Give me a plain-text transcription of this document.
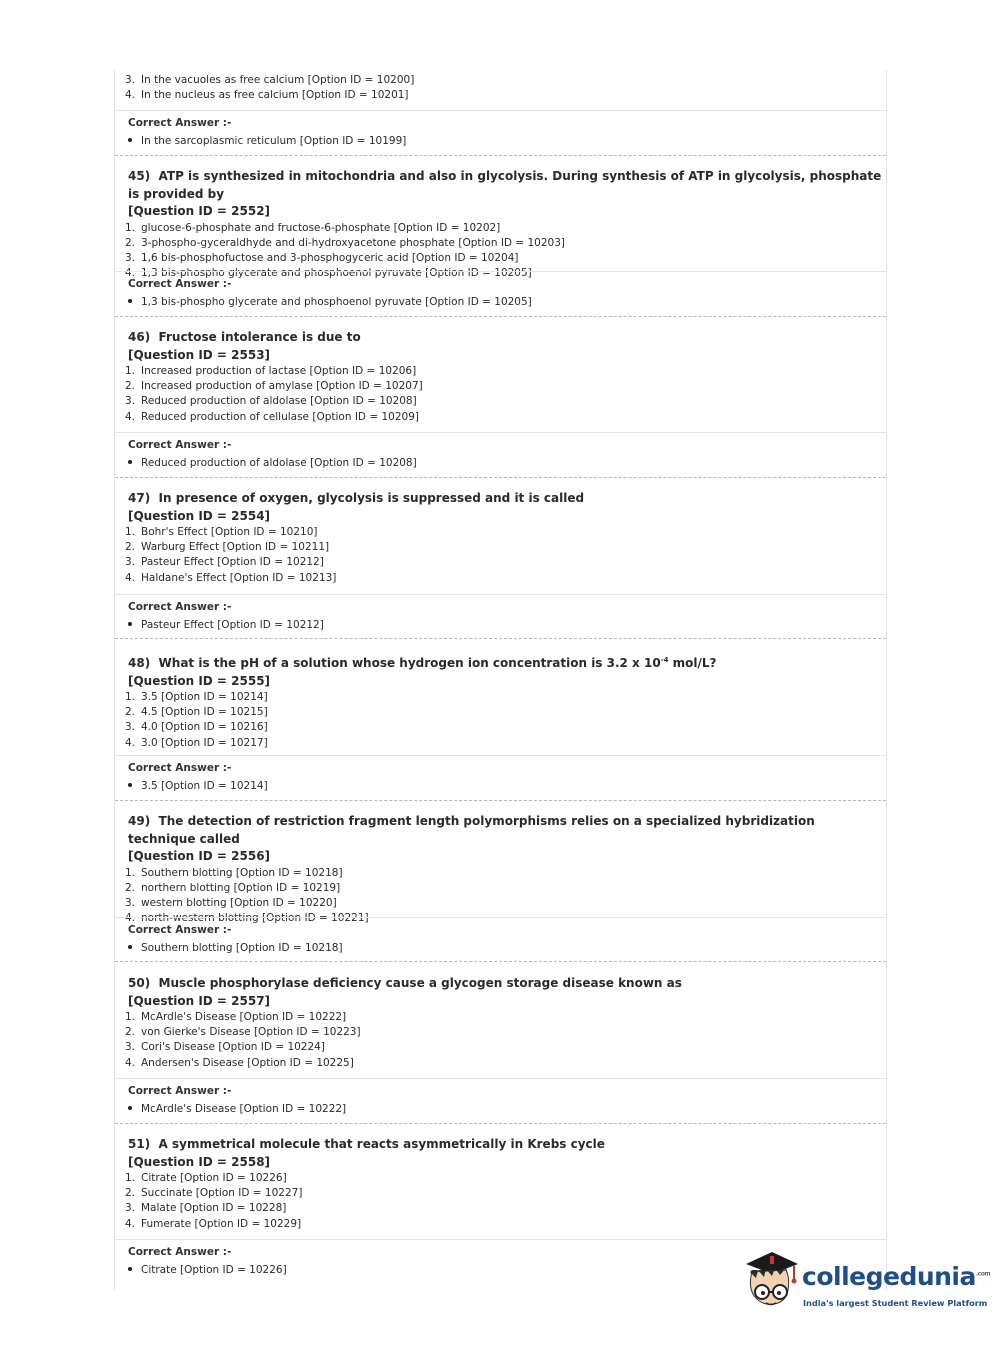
3. In the vacuoles as free calcium [Option ID = 10200]
4. In the nucleus as free calcium [Option ID = 10201]
Correct Answer :-
In the sarcoplasmic reticulum [Option ID = 10199]
45) ATP is synthesized in mitochondria and also in glycolysis. During synthesis of ATP in glycolysis, phosphate is provided by
[Question ID = 2552]
1. glucose-6-phosphate and fructose-6-phosphate [Option ID = 10202]
2. 3-phospho-gyceraldhyde and di-hydroxyacetone phosphate [Option ID = 10203]
3. 1,6 bis-phosphofuctose and 3-phosphogyceric acid [Option ID = 10204]
4. 1,3 bis-phospho glycerate and phosphoenol pyruvate [Option ID = 10205]
Correct Answer :-
1,3 bis-phospho glycerate and phosphoenol pyruvate [Option ID = 10205]
46) Fructose intolerance is due to
[Question ID = 2553]
1. Increased production of lactase [Option ID = 10206]
2. Increased production of amylase [Option ID = 10207]
3. Reduced production of aldolase [Option ID = 10208]
4. Reduced production of cellulase [Option ID = 10209]
Correct Answer :-
Reduced production of aldolase [Option ID = 10208]
47) In presence of oxygen, glycolysis is suppressed and it is called
[Question ID = 2554]
1. Bohr's Effect [Option ID = 10210]
2. Warburg Effect [Option ID = 10211]
3. Pasteur Effect [Option ID = 10212]
4. Haldane's Effect [Option ID = 10213]
Correct Answer :-
Pasteur Effect [Option ID = 10212]
48) What is the pH of a solution whose hydrogen ion concentration is 3.2 x $10^{-4}$ mol/L?
[Question ID = 2555]
1. 3.5 [Option ID = 10214]
2. 4.5 [Option ID = 10215]
3. 4.0 [Option ID = 10216]
4. 3.0 [Option ID = 10217]
Correct Answer :-
3.5 [Option ID = 10214]
49) The detection of restriction fragment length polymorphisms relies on a specialized hybridization technique called
[Question ID = 2556]
1. Southern blotting [Option ID = 10218]
2. northern blotting [Option ID = 10219]
3. western blotting [Option ID = 10220]
4. north-western blotting [Option ID = 10221]
Correct Answer :-
Southern blotting [Option ID = 10218]
50) Muscle phosphorylase deficiency cause a glycogen storage disease known as
[Question ID = 2557]
1. McArdle's Disease [Option ID = 10222]
2. von Gierke's Disease [Option ID = 10223]
3. Cori's Disease [Option ID = 10224]
4. Andersen's Disease [Option ID = 10225]
Correct Answer :-
McArdle's Disease [Option ID = 10222]
51) A symmetrical molecule that reacts asymmetrically in Krebs cycle
[Question ID = 2558]
1. Citrate [Option ID = 10226]
2. Succinate [Option ID = 10227]
3. Malate [Option ID = 10228]
4. Fumerate [Option ID = 10229]
Correct Answer :-
Citrate [Option ID = 10226]	collegedunia$^{.com}$
India's largest Student Review Platform
